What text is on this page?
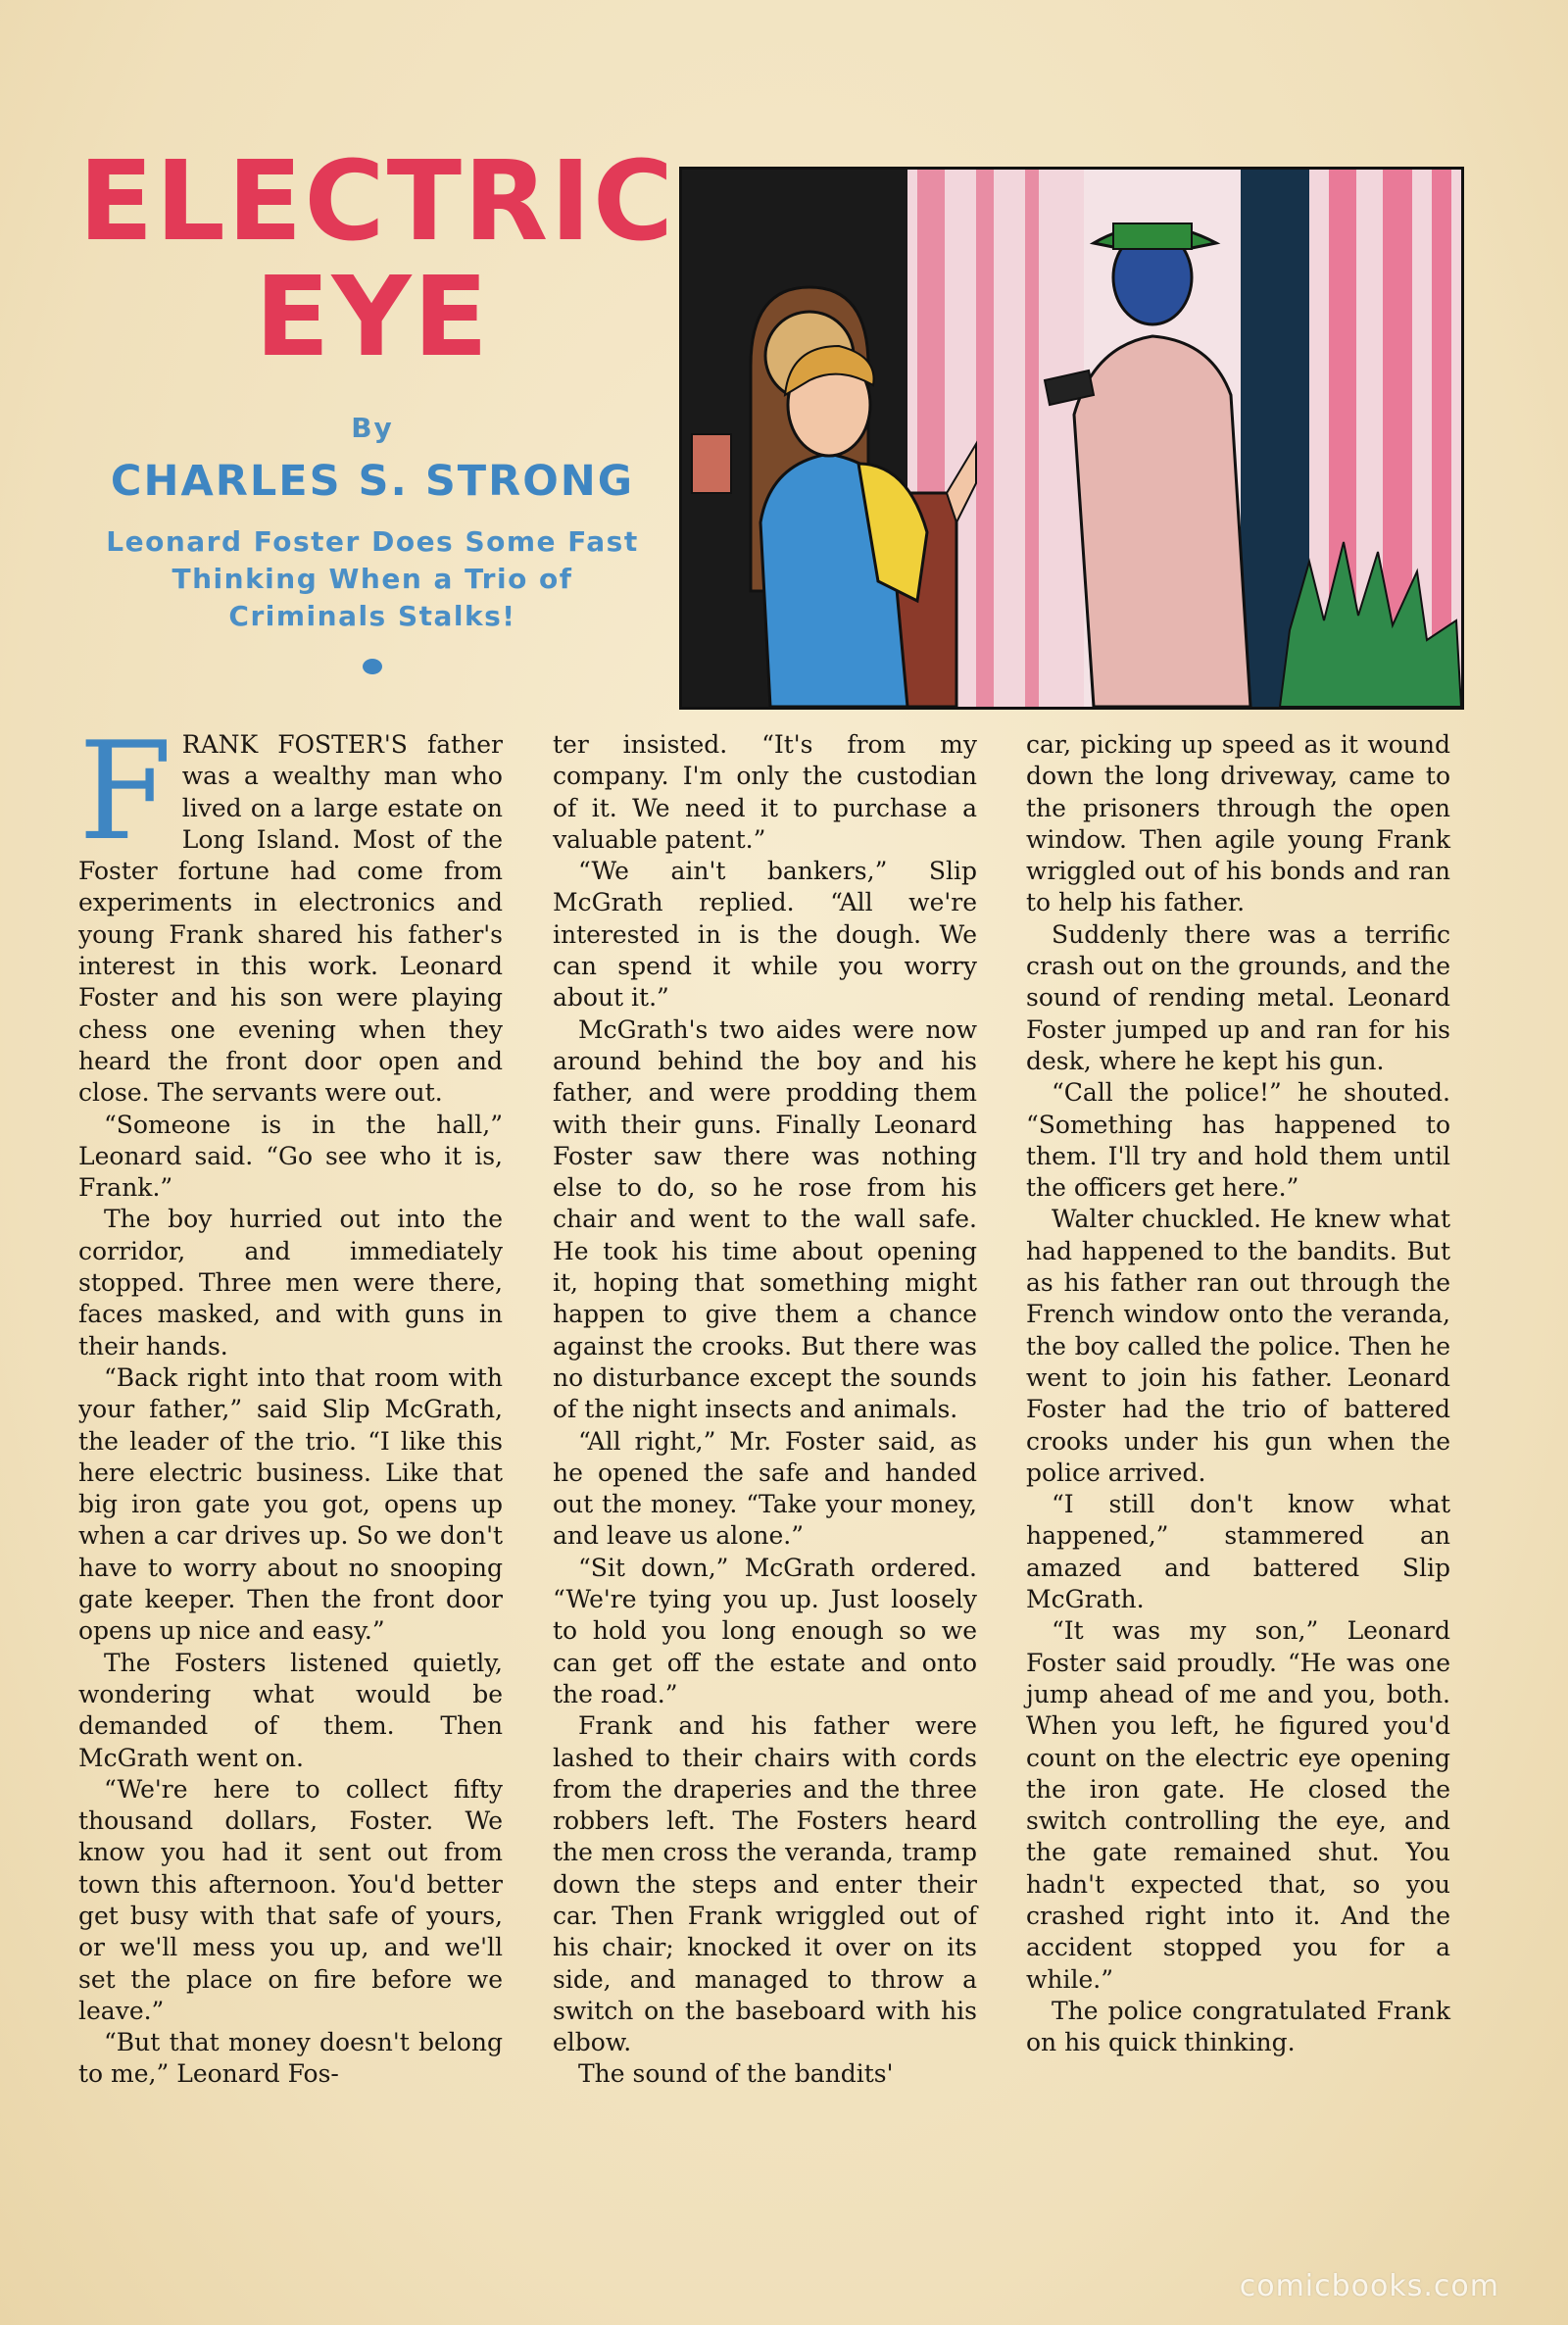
ELECTRIC
EYE
By
CHARLES S. STRONG
Leonard Foster Does Some Fast
Thinking When a Trio of
Criminals Stalks!

FRANK FOSTER'S father was a wealthy man who lived on a large estate on Long Island. Most of the Foster fortune had come from experiments in electronics and young Frank shared his father's interest in this work. Leonard Foster and his son were playing chess one evening when they heard the front door open and close. The servants were out.

“Someone is in the hall,” Leonard said. “Go see who it is, Frank.”

The boy hurried out into the corridor, and immediately stopped. Three men were there, faces masked, and with guns in their hands.

“Back right into that room with your father,” said Slip McGrath, the leader of the trio. “I like this here electric business. Like that big iron gate you got, opens up when a car drives up. So we don't have to worry about no snooping gate keeper. Then the front door opens up nice and easy.”

The Fosters listened quietly, wondering what would be demanded of them. Then McGrath went on.

“We're here to collect fifty thousand dollars, Foster. We know you had it sent out from town this afternoon. You'd better get busy with that safe of yours, or we'll mess you up, and we'll set the place on fire before we leave.”

“But that money doesn't belong to me,” Leonard Fos-

ter insisted. “It's from my company. I'm only the custodian of it. We need it to purchase a valuable patent.”

“We ain't bankers,” Slip McGrath replied. “All we're interested in is the dough. We can spend it while you worry about it.”

McGrath's two aides were now around behind the boy and his father, and were prodding them with their guns. Finally Leonard Foster saw there was nothing else to do, so he rose from his chair and went to the wall safe. He took his time about opening it, hoping that something might happen to give them a chance against the crooks. But there was no disturbance except the sounds of the night insects and animals.

“All right,” Mr. Foster said, as he opened the safe and handed out the money. “Take your money, and leave us alone.”

“Sit down,” McGrath ordered. “We're tying you up. Just loosely to hold you long enough so we can get off the estate and onto the road.”

Frank and his father were lashed to their chairs with cords from the draperies and the three robbers left. The Fosters heard the men cross the veranda, tramp down the steps and enter their car. Then Frank wriggled out of his chair; knocked it over on its side, and managed to throw a switch on the baseboard with his elbow.

The sound of the bandits'

car, picking up speed as it wound down the long driveway, came to the prisoners through the open window. Then agile young Frank wriggled out of his bonds and ran to help his father.

Suddenly there was a terrific crash out on the grounds, and the sound of rending metal. Leonard Foster jumped up and ran for his desk, where he kept his gun.

“Call the police!” he shouted. “Something has happened to them. I'll try and hold them until the officers get here.”

Walter chuckled. He knew what had happened to the bandits. But as his father ran out through the French window onto the veranda, the boy called the police. Then he went to join his father. Leonard Foster had the trio of battered crooks under his gun when the police arrived.

“I still don't know what happened,” stammered an amazed and battered Slip McGrath.

“It was my son,” Leonard Foster said proudly. “He was one jump ahead of me and you, both. When you left, he figured you'd count on the electric eye opening the iron gate. He closed the switch controlling the eye, and the gate remained shut. You hadn't expected that, so you crashed right into it. And the accident stopped you for a while.”

The police congratulated Frank on his quick thinking.

comicbooks.com
